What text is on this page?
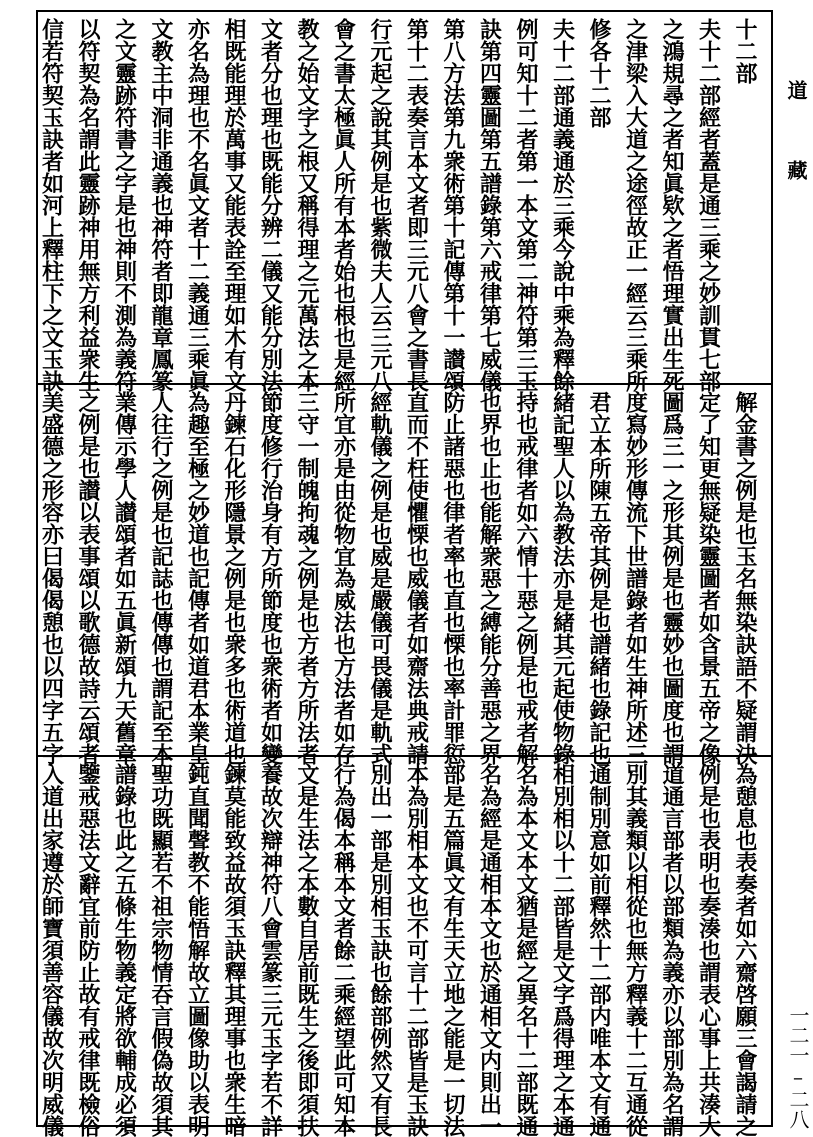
十二部
夫十二部經者蓋是通三乘之妙訓貫七部
之鴻規尋之者知眞欵之者悟理實出生死
之津梁入大道之途徑故正一經云三乘所
修各十二部
夫十二部通義通於三乘今說中乘為釋餘
例可知十二者第一本文第二神符第三玉
訣第四靈圖第五譜錄第六戒律第七威儀
第八方法第九衆術第十記傳第十一讃頌
第十二表奏言本文者即三元八會之書長
行元起之說其例是也紫微夫人云三元八
會之書太極眞人所有本者始也根也是經
教之始文字之根又稱得理之元萬法之本
文者分也理也既能分辨二儀又能分別法
相既能理於萬事又能表詮至理如木有文
亦名為理也不名眞文者十二義通三乘眞
文教主中洞非通義也神符者即龍章鳳篆
之文靈跡符書之字是也神則不測為義符
以符契為名謂此靈跡神用無方利益衆生
信若符契玉訣者如河上釋柱下之文玉訣
解金書之例是也玉名無染訣語不疑謂決
定了知更無疑染靈圖者如含景五帝之像
圖爲三一之形其例是也靈妙也圖度也謂
度寫妙形傳流下世譜錄者如生神所述三
君立本所陳五帝其例是也譜緒也錄記也
緒記聖人以為教法亦是緒其元起使物錄
持也戒律者如六情十惡之例是也戒者解
也界也止也能解衆惡之縛能分善惡之界
防止諸惡也律者率也直也慄也率計罪愆
直而不枉使懼慄也威儀者如齋法典戒請
經軌儀之例是也威是嚴儀可畏儀是軌式
所宜亦是由從物宜為威法也方法者如存
三守一制魄拘魂之例是也方者方所法者
節度修行治身有方所節度也衆術者如變
丹鍊石化形隱景之例是也衆多也術道也
為趣至極之妙道也記傳者如道君本業皇
人往行之例是也記誌也傳傳也謂記至本
業傳示學人讃頌者如五眞新頌九天舊章
之例是也讃以表事頌以歌德故詩云頌者
美盛德之形容亦曰偈偈憩也以四字五字
為憩息也表奏者如六齋啓願三會謁請之
例是也表明也奏湊也謂表心事上共湊大
道通言部者以部類為義亦以部別為名謂
別其義類以相從也無方釋義十二互通從
通制別意如前釋然十二部内唯本文有通
相別相以十二部皆是文字爲得理之本通
名為本文本文猶是經之異名十二部既通
名為經是通相本文也於通相文内則出一
部是五篇眞文有生天立地之能是一切法
本為別相本文也不可言十二部皆是玉訣
別出一部是別相玉訣也餘部例然又有長
行為偈本稱本文者餘二乘經望此可知本
文是生法之本數自居前既生之後即須扶
養故次辯神符八會雲篆三元玉字若不詳
鍊莫能致益故須玉訣釋其理事也衆生暗
鈍直聞聲教不能悟解故立圖像助以表明
聖功既顯若不祖宗物情吞言假偽故須其
譜錄也此之五條生物義定將欲輔成必須
鑒戒惡法文辭宜前防止故有戒律既檢俗
入道出家遵於師寶須善容儀故次明威儀
道藏
一二一–二八
